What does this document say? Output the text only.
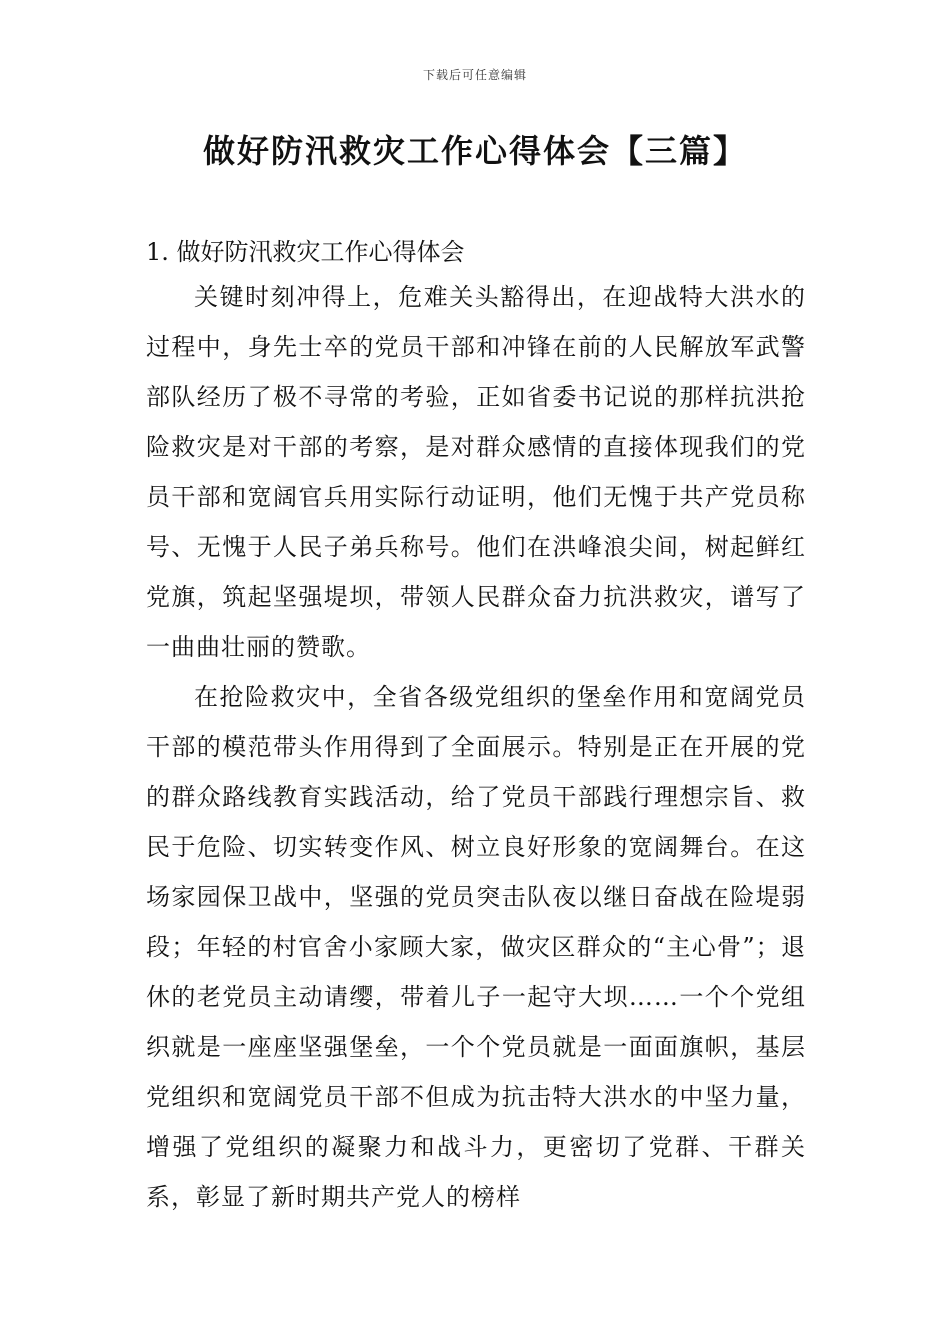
下载后可任意编辑
做好防汛救灾工作心得体会【三篇】
1. 做好防汛救灾工作心得体会

关键时刻冲得上，危难关头豁得出，在迎战特大洪水的过程中，身先士卒的党员干部和冲锋在前的人民解放军武警部队经历了极不寻常的考验，正如省委书记说的那样抗洪抢险救灾是对干部的考察，是对群众感情的直接体现我们的党员干部和宽阔官兵用实际行动证明，他们无愧于共产党员称号、无愧于人民子弟兵称号。他们在洪峰浪尖间，树起鲜红党旗，筑起坚强堤坝，带领人民群众奋力抗洪救灾，谱写了一曲曲壮丽的赞歌。

在抢险救灾中，全省各级党组织的堡垒作用和宽阔党员干部的模范带头作用得到了全面展示。特别是正在开展的党的群众路线教育实践活动，给了党员干部践行理想宗旨、救民于危险、切实转变作风、树立良好形象的宽阔舞台。在这场家园保卫战中，坚强的党员突击队夜以继日奋战在险堤弱段；年轻的村官舍小家顾大家，做灾区群众的“主心骨”；退休的老党员主动请缨，带着儿子一起守大坝……一个个党组织就是一座座坚强堡垒，一个个党员就是一面面旗帜，基层党组织和宽阔党员干部不但成为抗击特大洪水的中坚力量，增强了党组织的凝聚力和战斗力，更密切了党群、干群关系，彰显了新时期共产党人的榜样
